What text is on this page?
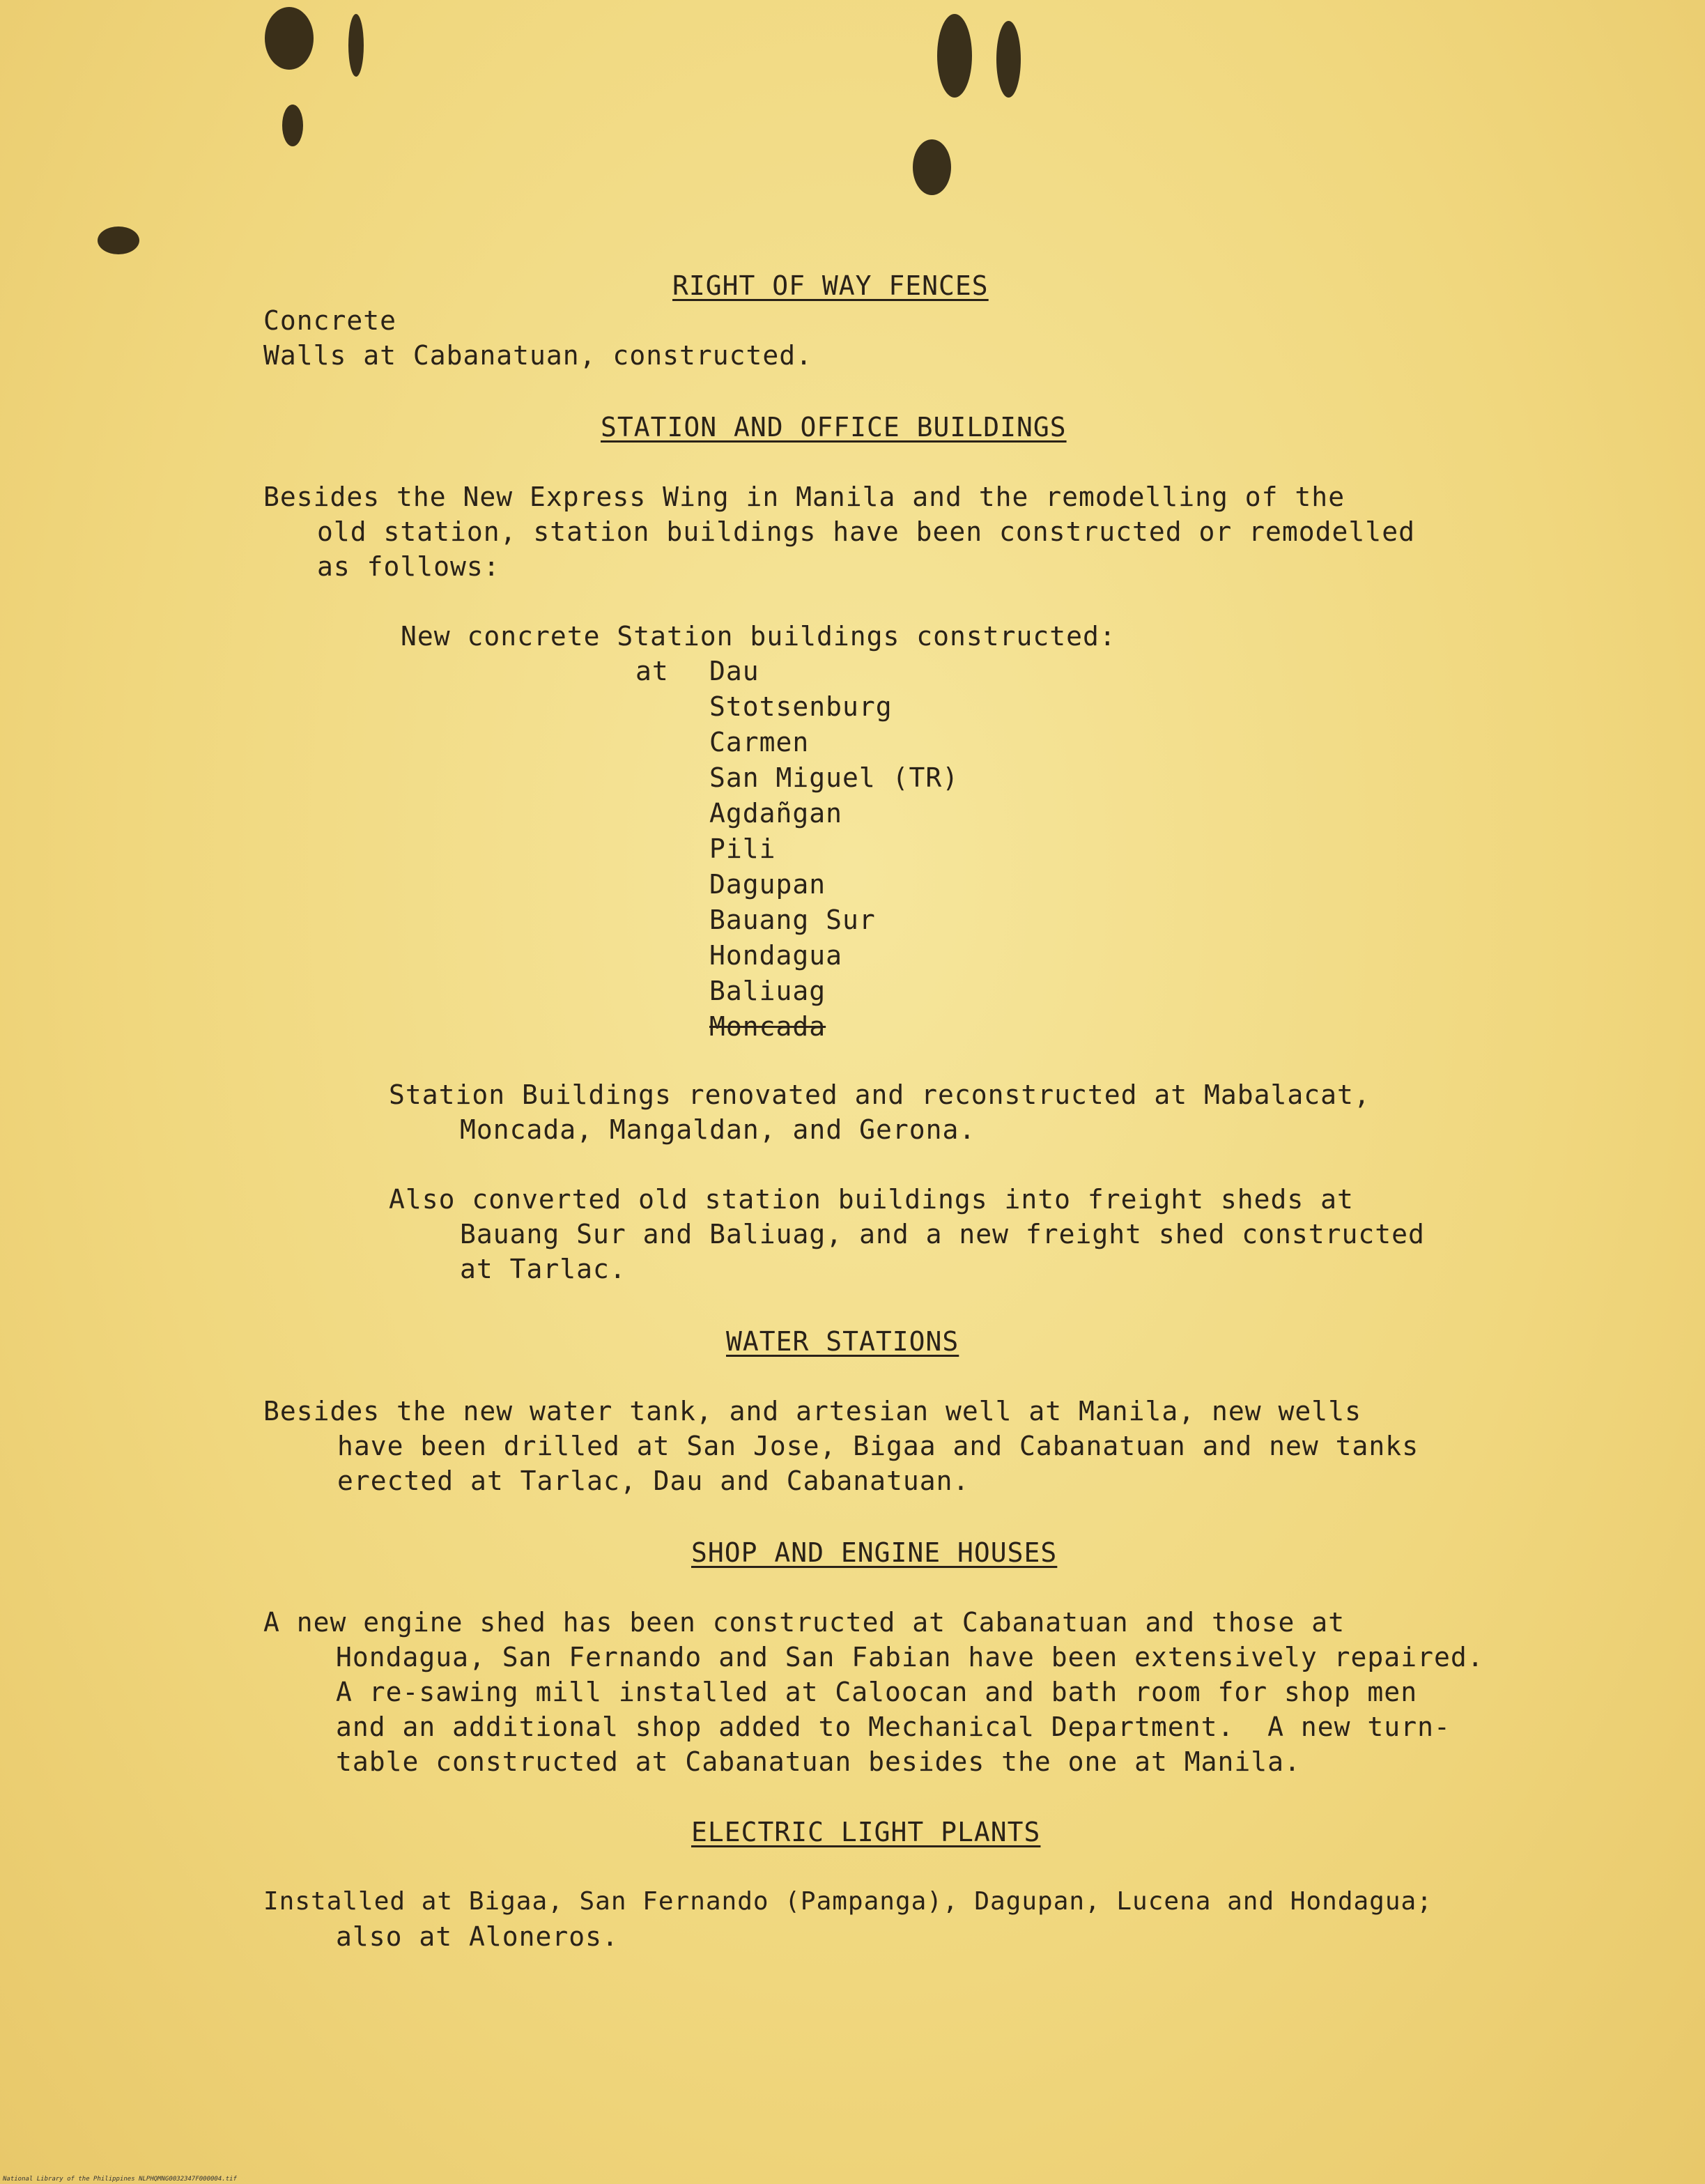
RIGHT OF WAY FENCES
Concrete
Walls at Cabanatuan, constructed.
STATION AND OFFICE BUILDINGS
Besides the New Express Wing in Manila and the remodelling of the
old station, station buildings have been constructed or remodelled
as follows:
New concrete Station buildings constructed:
at Dau
Stotsenburg
Carmen
San Miguel (TR)
Agdañgan
Pili
Dagupan
Bauang Sur
Hondagua
Baliuag
Moncada
Station Buildings renovated and reconstructed at Mabalacat,
Moncada, Mangaldan, and Gerona.
Also converted old station buildings into freight sheds at
Bauang Sur and Baliuag, and a new freight shed constructed
at Tarlac.
WATER STATIONS
Besides the new water tank, and artesian well at Manila, new wells
have been drilled at San Jose, Bigaa and Cabanatuan and new tanks
erected at Tarlac, Dau and Cabanatuan.
SHOP AND ENGINE HOUSES
A new engine shed has been constructed at Cabanatuan and those at
Hondagua, San Fernando and San Fabian have been extensively repaired.
A re-sawing mill installed at Caloocan and bath room for shop men
and an additional shop added to Mechanical Department.  A new turn-
table constructed at Cabanatuan besides the one at Manila.
ELECTRIC LIGHT PLANTS
Installed at Bigaa, San Fernando (Pampanga), Dagupan, Lucena and Hondagua;
also at Aloneros.
National Library of the Philippines NLPHQMNG0032347F000004.tif
